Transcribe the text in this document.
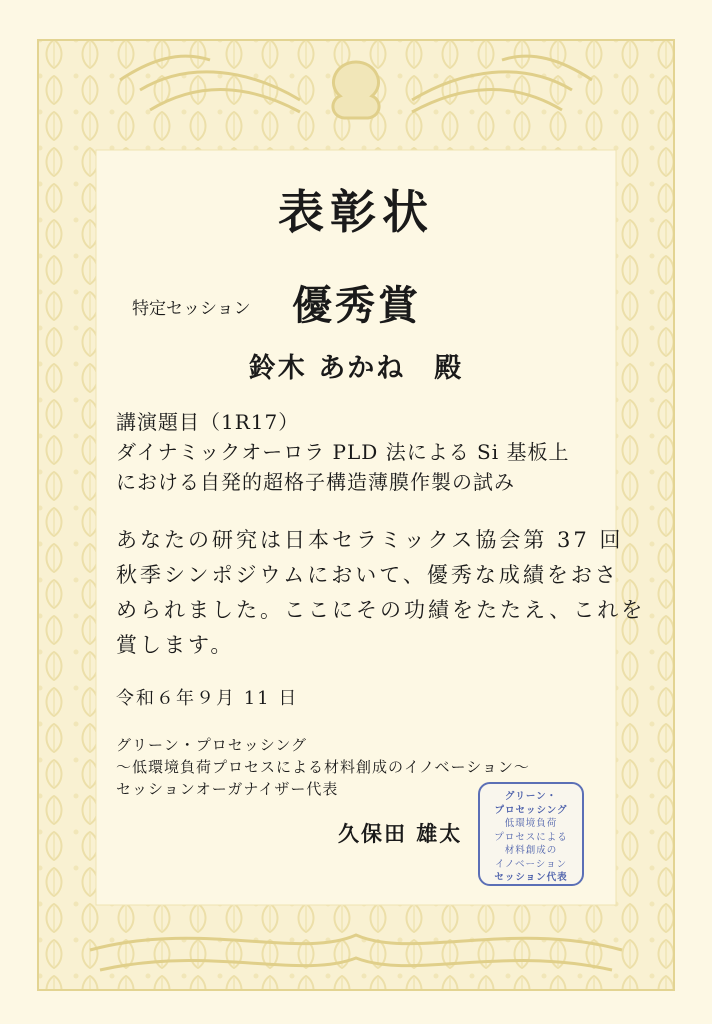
表彰状
特定セッション 優秀賞
鈴木 あかね　殿
講演題目（1R17）
ダイナミックオーロラ PLD 法による Si 基板上
における自発的超格子構造薄膜作製の試み
あなたの研究は日本セラミックス協会第 37 回
秋季シンポジウムにおいて、優秀な成績をおさ
められました。ここにその功績をたたえ、これを
賞します。
令和６年９月 11 日
グリーン・プロセッシング
～低環境負荷プロセスによる材料創成のイノベーション～
セッションオーガナイザー代表
久保田 雄太
グリーン・
プロセッシング
低環境負荷
プロセスによる
材料創成の
イノベーション
セッション代表
